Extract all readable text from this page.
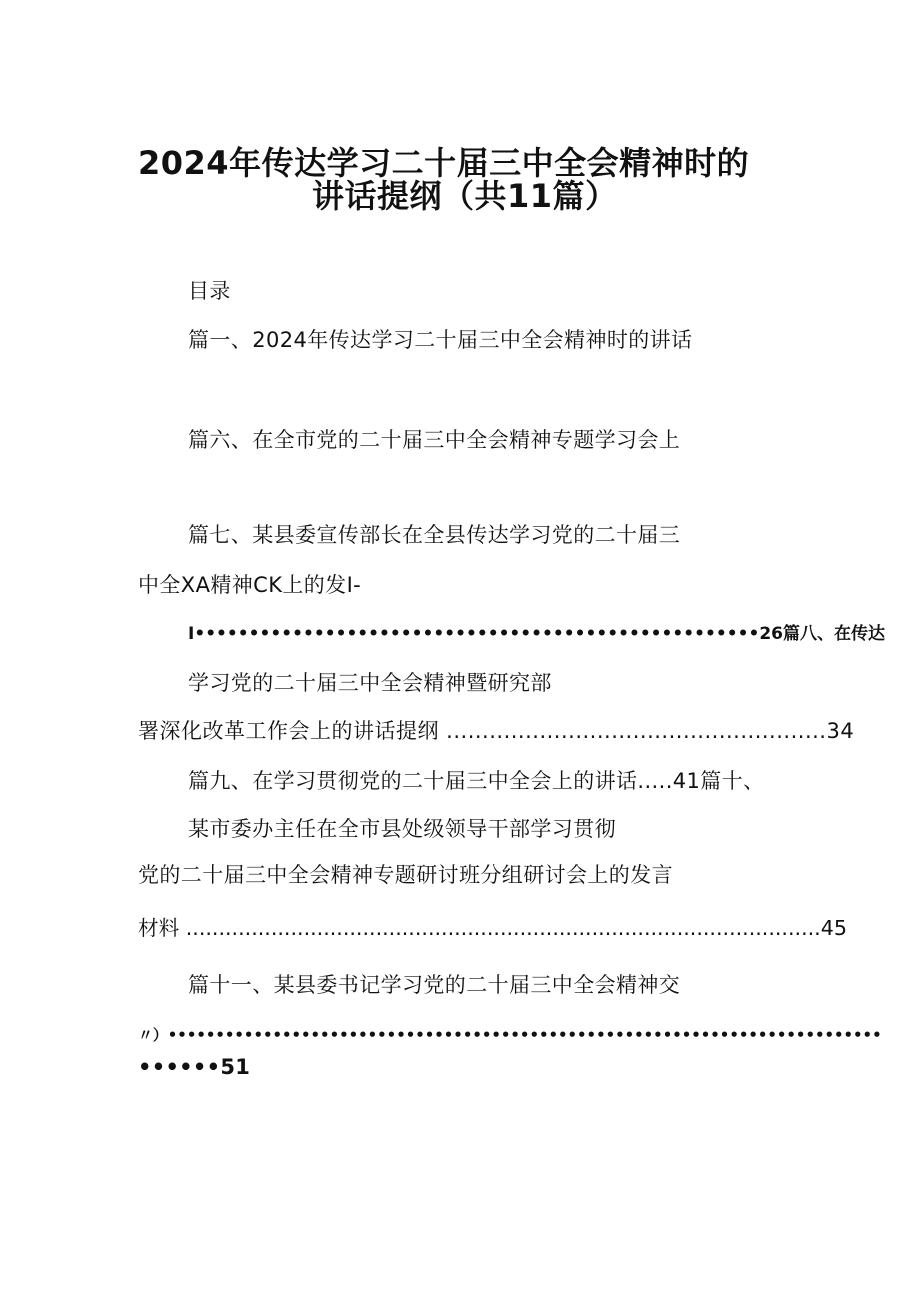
2024年传达学习二十届三中全会精神时的
讲话提纲（共11篇）

目录

篇一、2024年传达学习二十届三中全会精神时的讲话

篇六、在全市党的二十届三中全会精神专题学习会上

篇七、某县委宣传部长在全县传达学习党的二十届三

中全XA精神CK上的发I-

I••••••••••••••••••••••••••••••••••••••••••••••••••••26篇八、在传达

学习党的二十届三中全会精神暨研究部

署深化改革工作会上的讲话提纲 .....................................................34

篇九、在学习贯彻党的二十届三中全会上的讲话.....41篇十、

某市委办主任在全市县处级领导干部学习贯彻

党的二十届三中全会精神专题研讨班分组研讨会上的发言

材料 .................................................................................................45

篇十一、某县委书记学习党的二十届三中全会精神交

〃）•••••••••••••••••••••••••••••••••••••••••••••••••••••••••••••••••••••••••••

••••••51
